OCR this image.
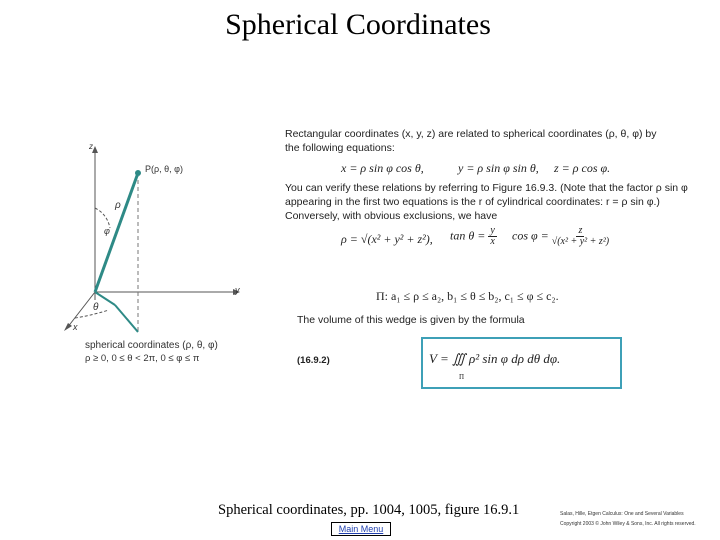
Spherical Coordinates
z
y
x
P(ρ, θ, φ)
ρ
φ
θ
spherical coordinates (ρ, θ, φ)
ρ ≥ 0, 0 ≤ θ < 2π, 0 ≤ φ ≤ π
Rectangular coordinates (x, y, z) are related to spherical coordinates (ρ, θ, φ) by
the following equations:
x = ρ sin φ cos θ,	y = ρ sin φ sin θ, z = ρ cos φ.
You can verify these relations by referring to Figure 16.9.3. (Note that the factor ρ sin φ
appearing in the first two equations is the r of cylindrical coordinates: r = ρ sin φ.)
Conversely, with obvious exclusions, we have
ρ = √(x² + y² + z²), $\tan \theta = \frac{y}{x}$ $\cos \varphi = \frac{z}{\text{√(x² + y² + z²)}}$
Π: a₁ ≤ ρ ≤ a₂, b₁ ≤ θ ≤ b₂, c₁ ≤ φ ≤ c₂.
The volume of this wedge is given by the formula
(16.9.2)	V = ∭ ρ² sin φ dρ dθ dφ.
Π
Spherical coordinates, pp. 1004, 1005, figure 16.9.1
Main Menu
Salas, Hille, Etgen Calculus: One and Several Variables
Copyright 2003 © John Wiley & Sons, Inc. All rights reserved.
